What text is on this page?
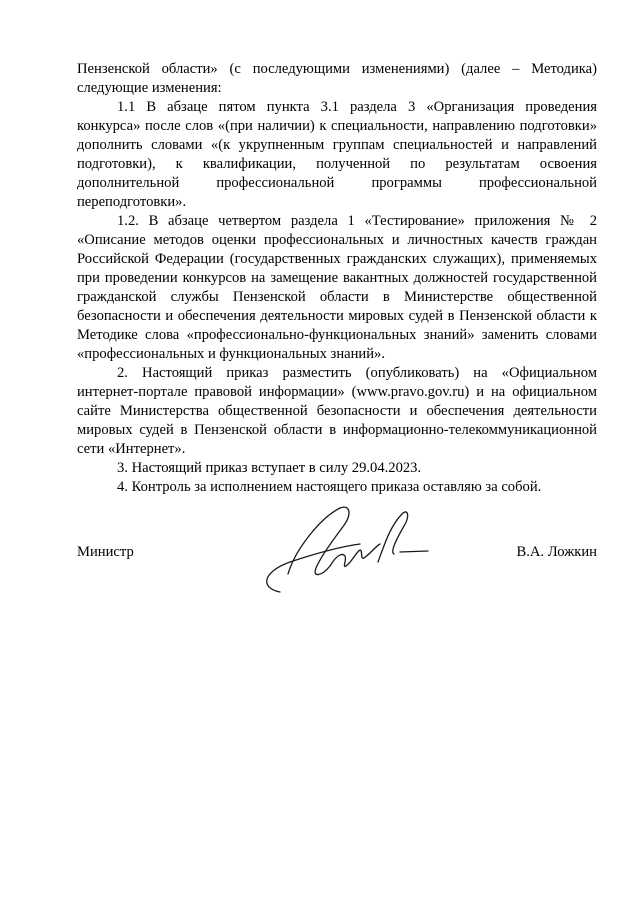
Пензенской области» (с последующими изменениями) (далее – Методика) следующие изменения:

1.1 В абзаце пятом пункта 3.1 раздела 3 «Организация проведения конкурса» после слов «(при наличии) к специальности, направлению подготовки» дополнить словами «(к укрупненным группам специальностей и направлений подготовки), к квалификации, полученной по результатам освоения дополнительной профессиональной программы профессиональной переподготовки».

1.2. В абзаце четвертом раздела 1 «Тестирование» приложения № 2 «Описание методов оценки профессиональных и личностных качеств граждан Российской Федерации (государственных гражданских служащих), применяемых при проведении конкурсов на замещение вакантных должностей государственной гражданской службы Пензенской области в Министерстве общественной безопасности и обеспечения деятельности мировых судей в Пензенской области к Методике слова «профессионально-функциональных знаний» заменить словами «профессиональных и функциональных знаний».

2. Настоящий приказ разместить (опубликовать) на «Официальном интернет-портале правовой информации» (www.pravo.gov.ru) и на официальном сайте Министерства общественной безопасности и обеспечения деятельности мировых судей в Пензенской области в информационно-телекоммуникационной сети «Интернет».

3. Настоящий приказ вступает в силу 29.04.2023.

4. Контроль за исполнением настоящего приказа оставляю за собой.

Министр	В.А. Ложкин
